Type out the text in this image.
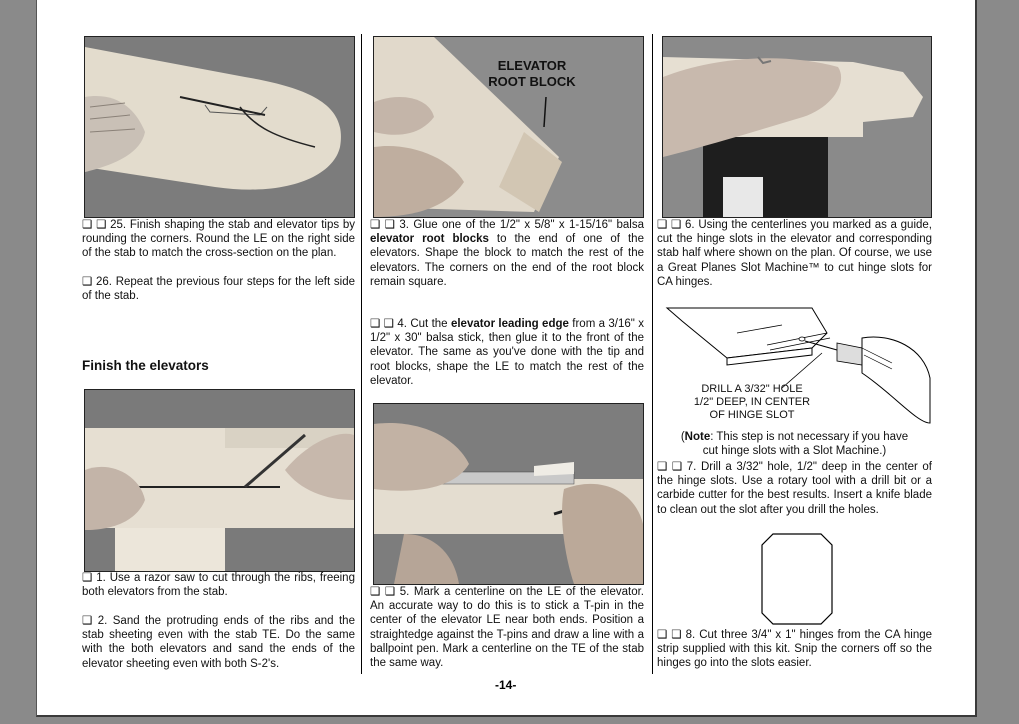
❑ ❑ 25. Finish shaping the stab and elevator tips by rounding the corners. Round the LE on the right side of the stab to match the cross-section on the plan.
❑ 26. Repeat the previous four steps for the left side of the stab.
Finish the elevators
❑ 1. Use a razor saw to cut through the ribs, freeing both elevators from the stab.
❑ 2. Sand the protruding ends of the ribs and the stab sheeting even with the stab TE. Do the same with the both elevators and sand the ends of the elevator sheeting even with both S-2's.
ELEVATOR
ROOT BLOCK
❑ ❑ 3. Glue one of the 1/2" x 5/8" x 1-15/16" balsa elevator root blocks to the end of one of the elevators. Shape the block to match the rest of the elevators. The corners on the end of the root block remain square.
❑ ❑ 4. Cut the elevator leading edge from a 3/16" x 1/2" x 30" balsa stick, then glue it to the front of the elevator. The same as you've done with the tip and root blocks, shape the LE to match the rest of the elevator.
❑ ❑ 5. Mark a centerline on the LE of the elevator. An accurate way to do this is to stick a T-pin in the center of the elevator LE near both ends. Position a straightedge against the T-pins and draw a line with a ballpoint pen. Mark a centerline on the TE of the stab the same way.
❑ ❑ 6. Using the centerlines you marked as a guide, cut the hinge slots in the elevator and corresponding stab half where shown on the plan. Of course, we use a Great Planes Slot Machine™ to cut hinge slots for CA hinges.
DRILL A 3/32" HOLE
1/2" DEEP, IN CENTER
OF HINGE SLOT
(Note: This step is not necessary if you have
cut hinge slots with a Slot Machine.)
❑ ❑ 7. Drill a 3/32" hole, 1/2" deep in the center of the hinge slots. Use a rotary tool with a drill bit or a carbide cutter for the best results. Insert a knife blade to clean out the slot after you drill the holes.
❑ ❑ 8. Cut three 3/4" x 1" hinges from the CA hinge strip supplied with this kit. Snip the corners off so the hinges go into the slots easier.
-14-
